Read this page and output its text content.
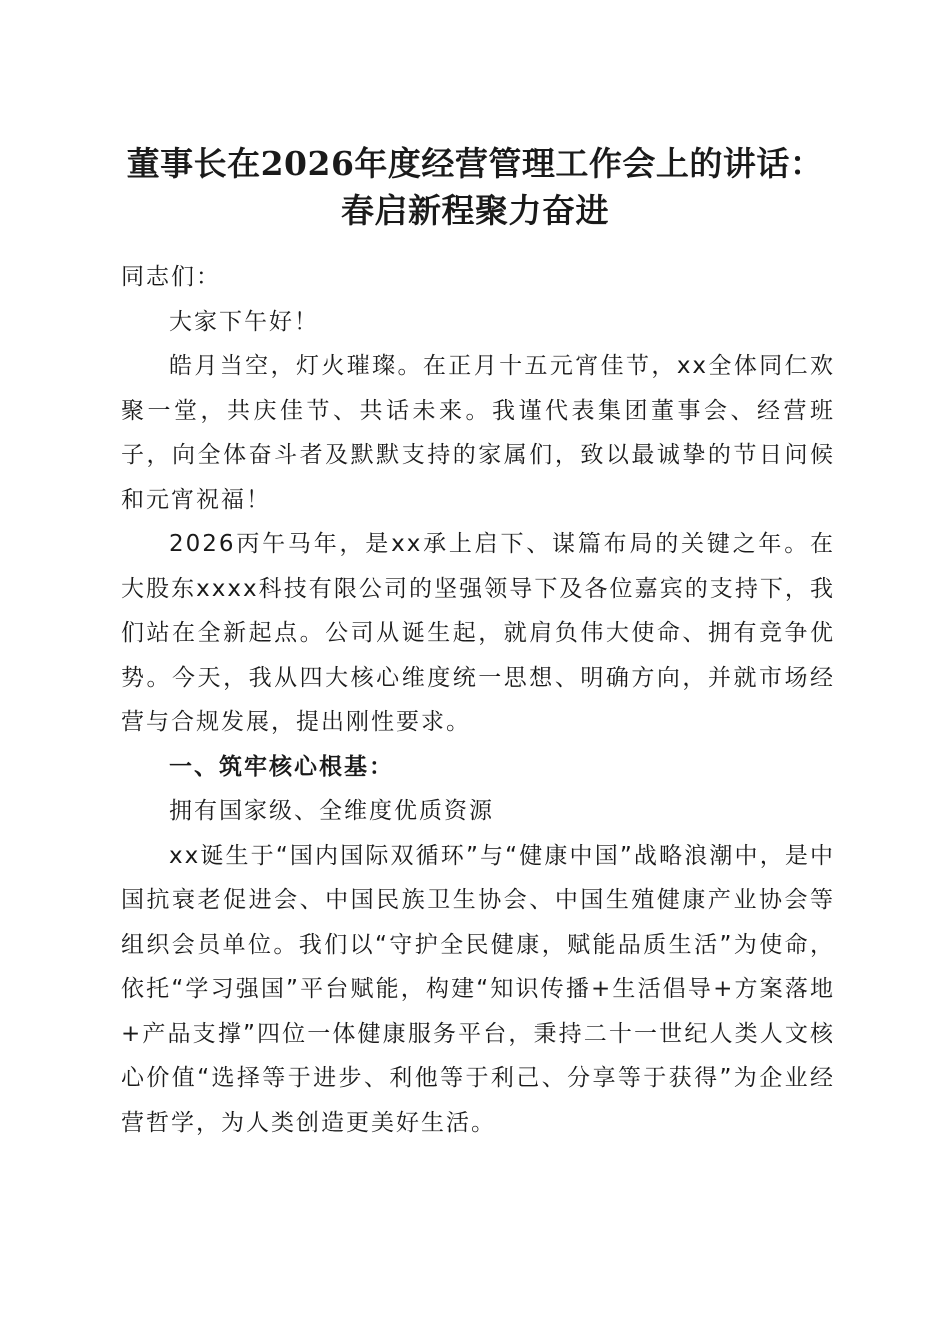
董事长在2026年度经营管理工作会上的讲话：
春启新程聚力奋进

同志们：

大家下午好！

皓月当空，灯火璀璨。在正月十五元宵佳节，xx全体同仁欢聚一堂，共庆佳节、共话未来。我谨代表集团董事会、经营班子，向全体奋斗者及默默支持的家属们，致以最诚挚的节日问候和元宵祝福！

2026丙午马年，是xx承上启下、谋篇布局的关键之年。在大股东xxxx科技有限公司的坚强领导下及各位嘉宾的支持下，我们站在全新起点。公司从诞生起，就肩负伟大使命、拥有竞争优势。今天，我从四大核心维度统一思想、明确方向，并就市场经营与合规发展，提出刚性要求。

一、筑牢核心根基：

拥有国家级、全维度优质资源

xx诞生于“国内国际双循环”与“健康中国”战略浪潮中，是中国抗衰老促进会、中国民族卫生协会、中国生殖健康产业协会等组织会员单位。我们以“守护全民健康，赋能品质生活”为使命，依托“学习强国”平台赋能，构建“知识传播+生活倡导+方案落地+产品支撑”四位一体健康服务平台，秉持二十一世纪人类人文核心价值“选择等于进步、利他等于利己、分享等于获得”为企业经营哲学，为人类创造更美好生活。
